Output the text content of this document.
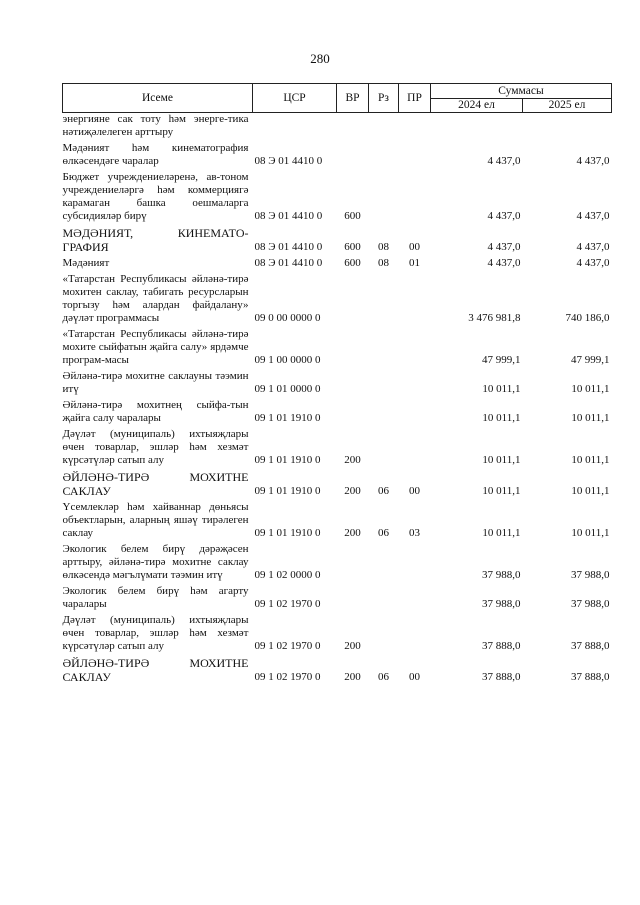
280
Исеме	ЦСР	ВР	Рз	ПР	Суммасы	
					2024 ел	2025 ел
энергияне сак тоту һәм энерге-тика нәтиҗәлелеген арттыру						
Мәдәният һәм кинематография өлкәсендәге чаралар	08 Э 01 4410 0				4 437,0	4 437,0
Бюджет учреждениеләренә, ав-тоном учреждениеләргә һәм коммерциягә карамаган башка оешмаларга субсидияләр бирү	08 Э 01 4410 0	600			4 437,0	4 437,0
МӘДӘНИЯТ, КИНЕМАТО-ГРАФИЯ	08 Э 01 4410 0	600	08	00	4 437,0	4 437,0
Мәдәният	08 Э 01 4410 0	600	08	01	4 437,0	4 437,0
«Татарстан Республикасы әйләнә-тирә мохитен саклау, табигать ресурсларын торгызу һәм алардан файдалану» дәүләт программасы	09 0 00 0000 0				3 476 981,8	740 186,0
«Татарстан Республикасы әйләнә-тирә мохите сыйфатын җайга салу» ярдәмче програм-масы	09 1 00 0000 0				47 999,1	47 999,1
Әйләнә-тирә мохитне саклауны тәэмин итү	09 1 01 0000 0				10 011,1	10 011,1
Әйләнә-тирә мохитнең сыйфа-тын җайга салу чаралары	09 1 01 1910 0				10 011,1	10 011,1
Дәүләт (муниципаль) ихтыяҗлары өчен товарлар, эшләр һәм хезмәт күрсәтүләр сатып алу	09 1 01 1910 0	200			10 011,1	10 011,1
ӘЙЛӘНӘ-ТИРӘ МОХИТНЕ САКЛАУ	09 1 01 1910 0	200	06	00	10 011,1	10 011,1
Үсемлекләр һәм хайваннар дөньясы объектларын, аларның яшәү тирәлеген саклау	09 1 01 1910 0	200	06	03	10 011,1	10 011,1
Экологик белем бирү дәрәҗәсен арттыру, әйләнә-тирә мохитне саклау өлкәсендә мәгълүмати тәэмин итү	09 1 02 0000 0				37 988,0	37 988,0
Экологик белем бирү һәм агарту чаралары	09 1 02 1970 0				37 988,0	37 988,0
Дәүләт (муниципаль) ихтыяҗлары өчен товарлар, эшләр һәм хезмәт күрсәтүләр сатып алу	09 1 02 1970 0	200			37 888,0	37 888,0
ӘЙЛӘНӘ-ТИРӘ МОХИТНЕ САКЛАУ	09 1 02 1970 0	200	06	00	37 888,0	37 888,0
